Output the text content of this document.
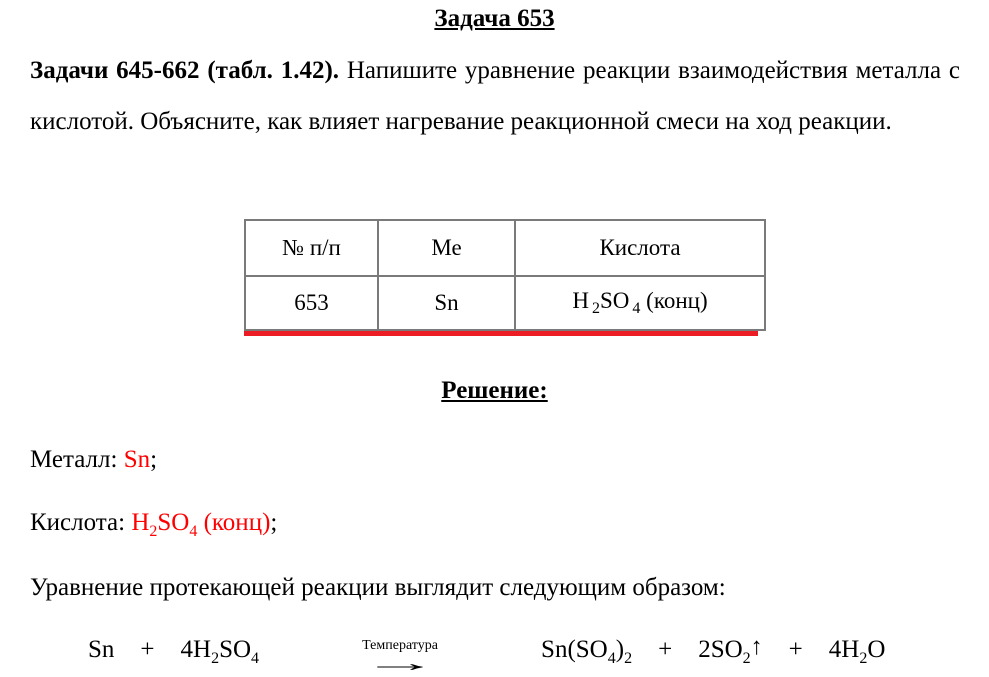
Задача 653

Задачи 645-662 (табл. 1.42). Напишите уравнение реакции взаимодействия металла с кислотой. Объясните, как влияет нагревание реакционной смеси на ход реакции.

№ п/п	Ме	Кислота
653	Sn	H $_2$SO $_4$ (конц)
Решение:

Металл: Sn;

Кислота: $H_2SO_4$ (конц);

Уравнение протекающей реакции выглядит следующим образом:

$Sn + 4H_2SO_4$
Температура
→
$Sn(SO_4)_2$ + $2SO_2↑ + 4H_2O$
